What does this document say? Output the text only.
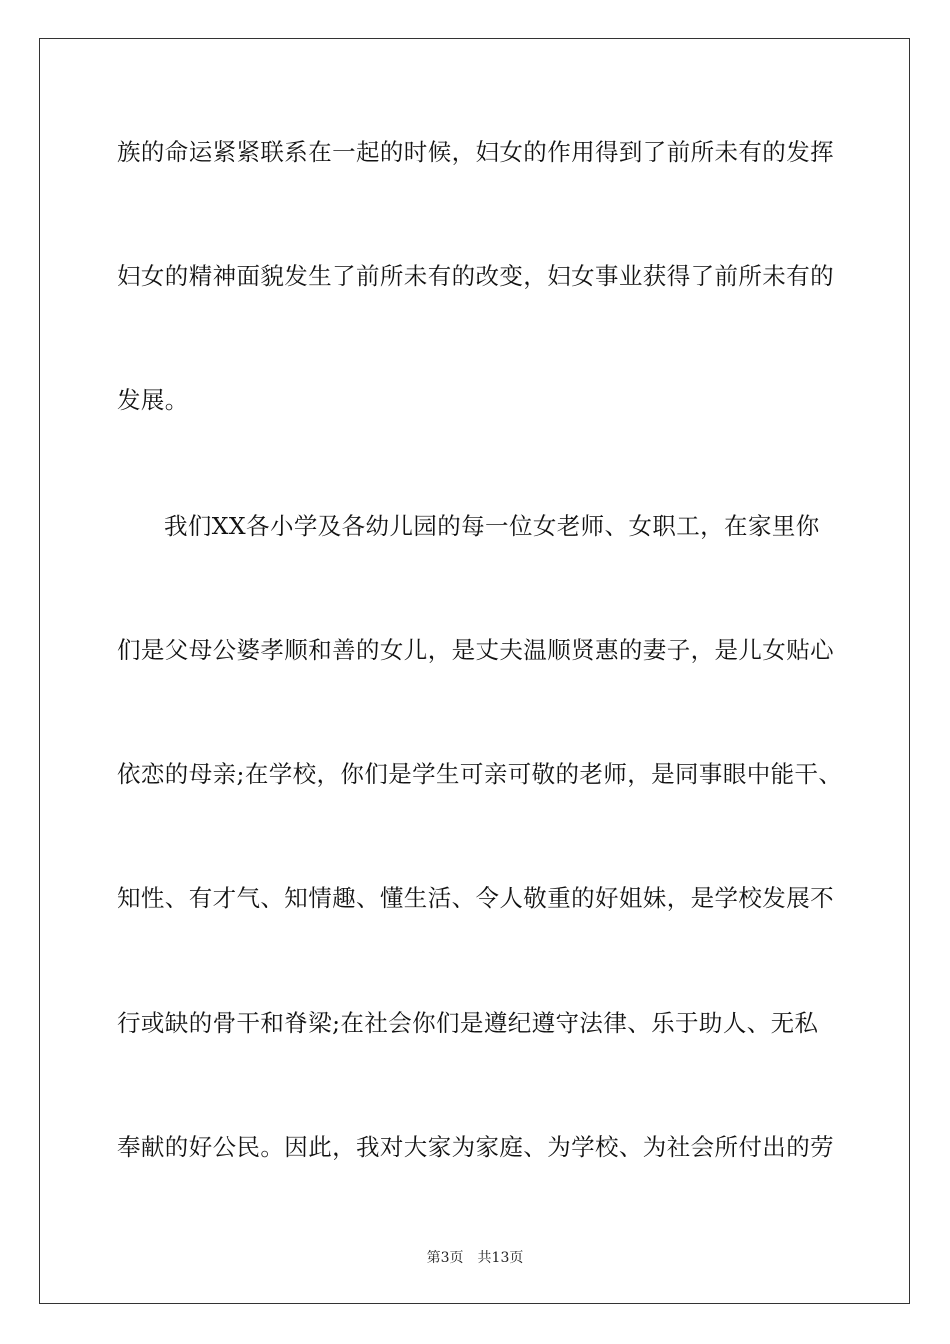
族的命运紧紧联系在一起的时候，妇女的作用得到了前所未有的发挥

妇女的精神面貌发生了前所未有的改变，妇女事业获得了前所未有的

发展。

我们XX各小学及各幼儿园的每一位女老师、女职工，在家里你

们是父母公婆孝顺和善的女儿，是丈夫温顺贤惠的妻子，是儿女贴心

依恋的母亲;在学校，你们是学生可亲可敬的老师，是同事眼中能干、

知性、有才气、知情趣、懂生活、令人敬重的好姐妹，是学校发展不

行或缺的骨干和脊梁;在社会你们是遵纪遵守法律、乐于助人、无私

奉献的好公民。因此，我对大家为家庭、为学校、为社会所付出的劳

第3页　共13页
